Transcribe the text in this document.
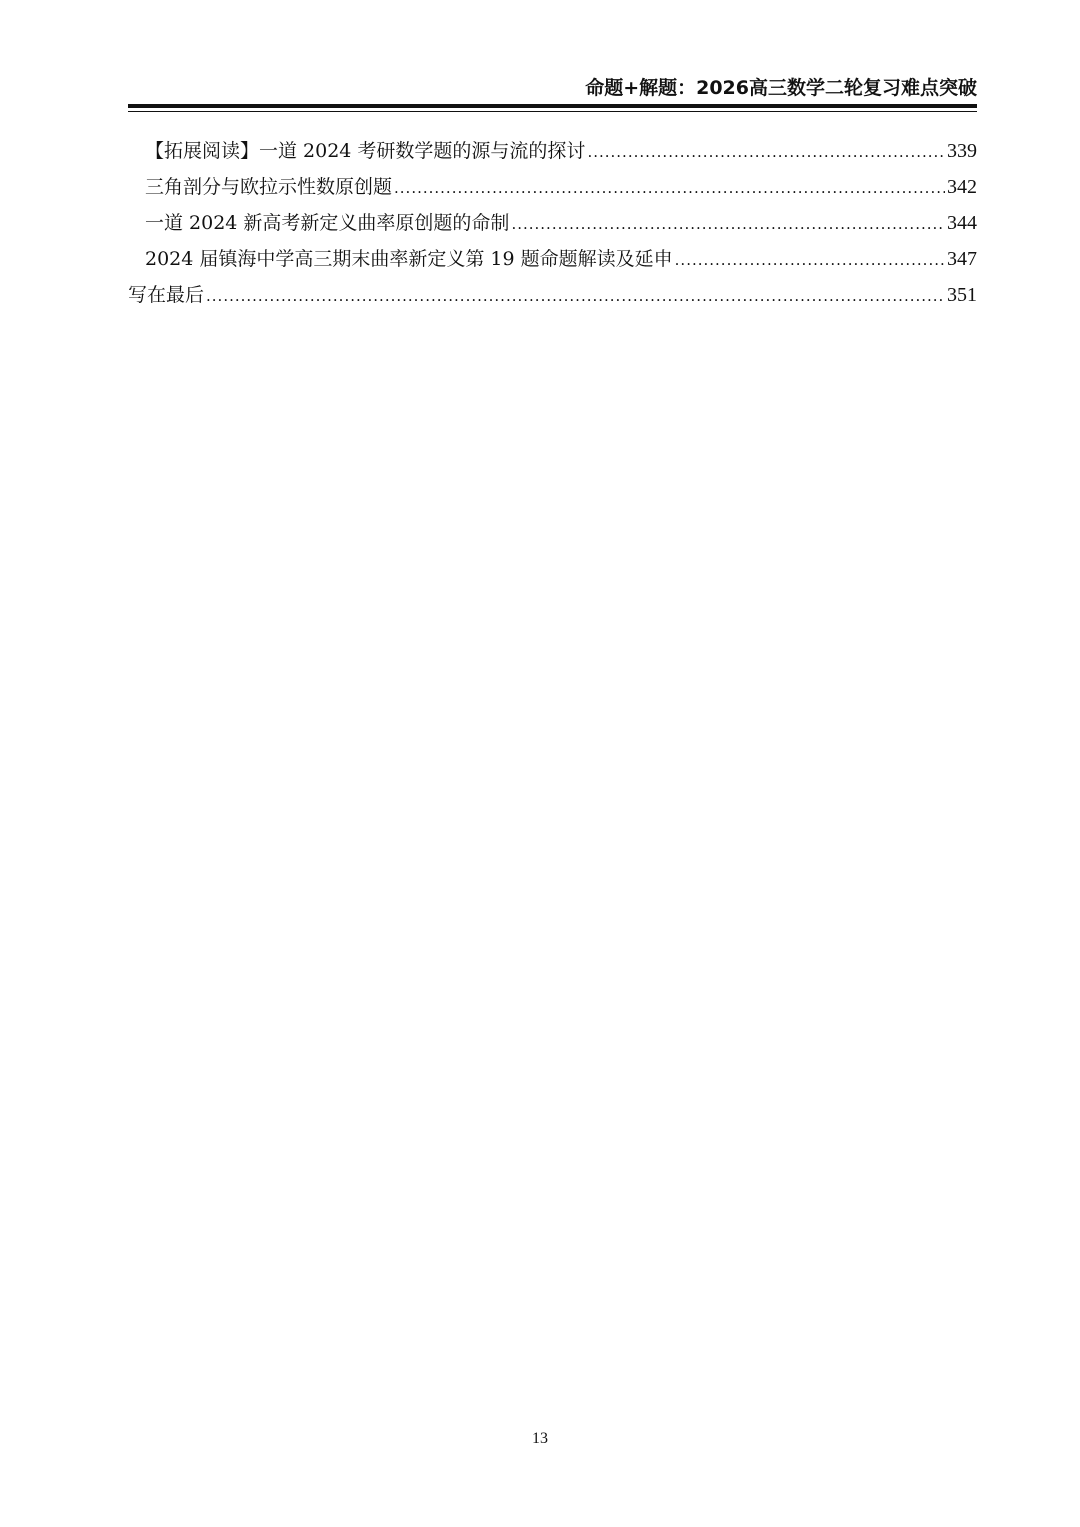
命题+解题：2026高三数学二轮复习难点突破
【拓展阅读】一道 2024 考研数学题的源与流的探讨 .....	339
三角剖分与欧拉示性数原创题 .....	342
一道 2024 新高考新定义曲率原创题的命制 .....	344
2024 届镇海中学高三期末曲率新定义第 19 题命题解读及延申 .....	347
写在最后 .....	351
13
